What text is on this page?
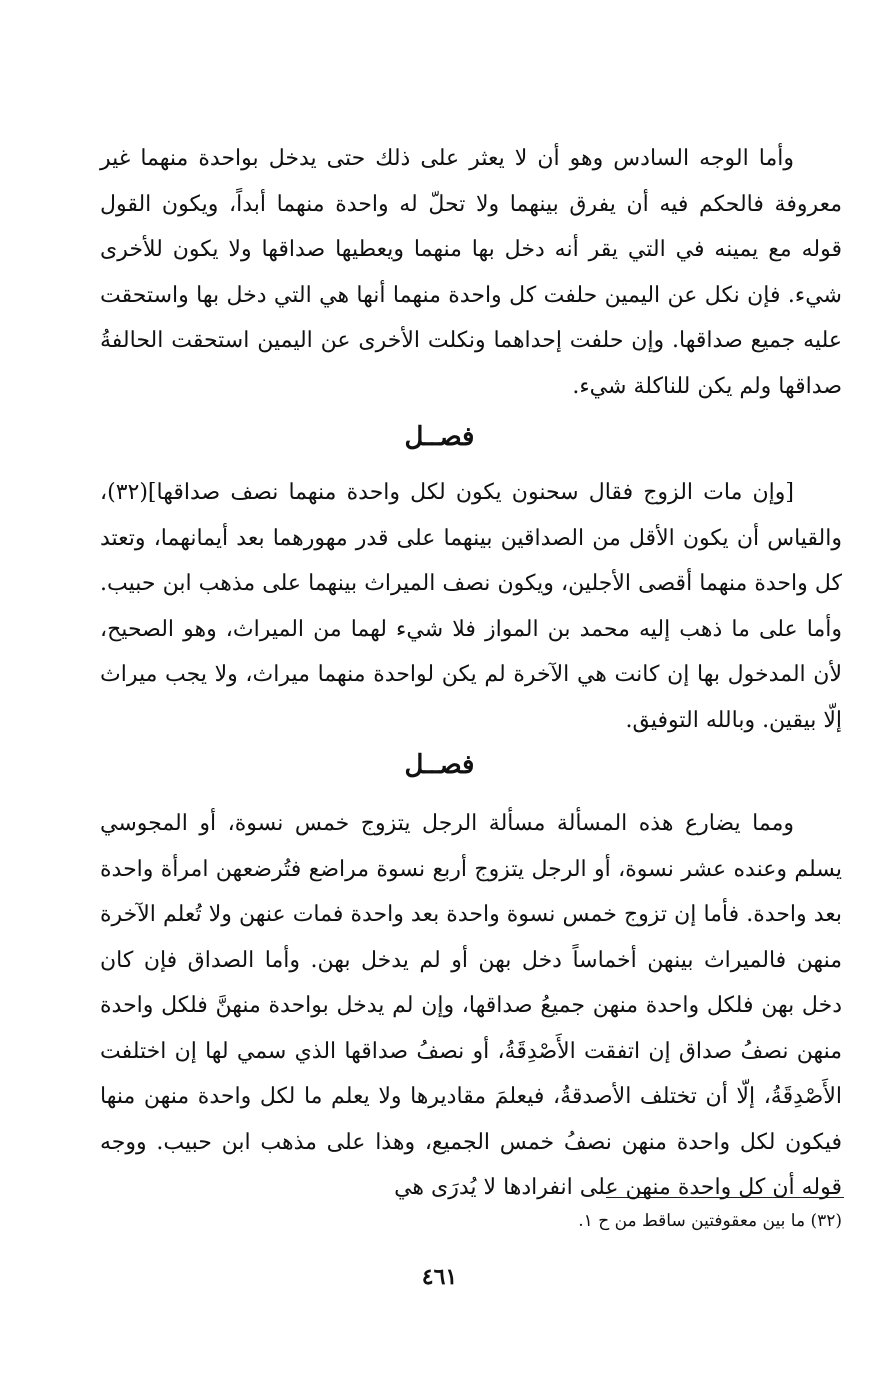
وأما الوجه السادس وهو أن لا يعثر على ذلك حتى يدخل بواحدة منهما غير معروفة فالحكم فيه أن يفرق بينهما ولا تحلّ له واحدة منهما أبداً، ويكون القول قوله مع يمينه في التي يقر أنه دخل بها منهما ويعطيها صداقها ولا يكون للأخرى شيء. فإن نكل عن اليمين حلفت كل واحدة منهما أنها هي التي دخل بها واستحقت عليه جميع صداقها. وإن حلفت إحداهما ونكلت الأخرى عن اليمين استحقت الحالفةُ صداقها ولم يكن للناكلة شيء.

فصــل

[وإن مات الزوج فقال سحنون يكون لكل واحدة منهما نصف صداقها](٣٢)، والقياس أن يكون الأقل من الصداقين بينهما على قدر مهورهما بعد أيمانهما، وتعتد كل واحدة منهما أقصى الأجلين، ويكون نصف الميراث بينهما على مذهب ابن حبيب. وأما على ما ذهب إليه محمد بن المواز فلا شيء لهما من الميراث، وهو الصحيح، لأن المدخول بها إن كانت هي الآخرة لم يكن لواحدة منهما ميراث، ولا يجب ميراث إلّا بيقين. وبالله التوفيق.

فصــل

ومما يضارع هذه المسألة مسألة الرجل يتزوج خمس نسوة، أو المجوسي يسلم وعنده عشر نسوة، أو الرجل يتزوج أربع نسوة مراضع فتُرضعهن امرأة واحدة بعد واحدة. فأما إن تزوج خمس نسوة واحدة بعد واحدة فمات عنهن ولا تُعلم الآخرة منهن فالميراث بينهن أخماساً دخل بهن أو لم يدخل بهن. وأما الصداق فإن كان دخل بهن فلكل واحدة منهن جميعُ صداقها، وإن لم يدخل بواحدة منهنَّ فلكل واحدة منهن نصفُ صداق إن اتفقت الأَصْدِقَةُ، أو نصفُ صداقها الذي سمي لها إن اختلفت الأَصْدِقَةُ، إلّا أن تختلف الأصدقةُ، فيعلمَ مقاديرها ولا يعلم ما لكل واحدة منهن منها فيكون لكل واحدة منهن نصفُ خمس الجميع، وهذا على مذهب ابن حبيب. ووجه قوله أن كل واحدة منهن على انفرادها لا يُدرَى هي

(٣٢) ما بين معقوفتين ساقط من ح ١.
٤٦١
